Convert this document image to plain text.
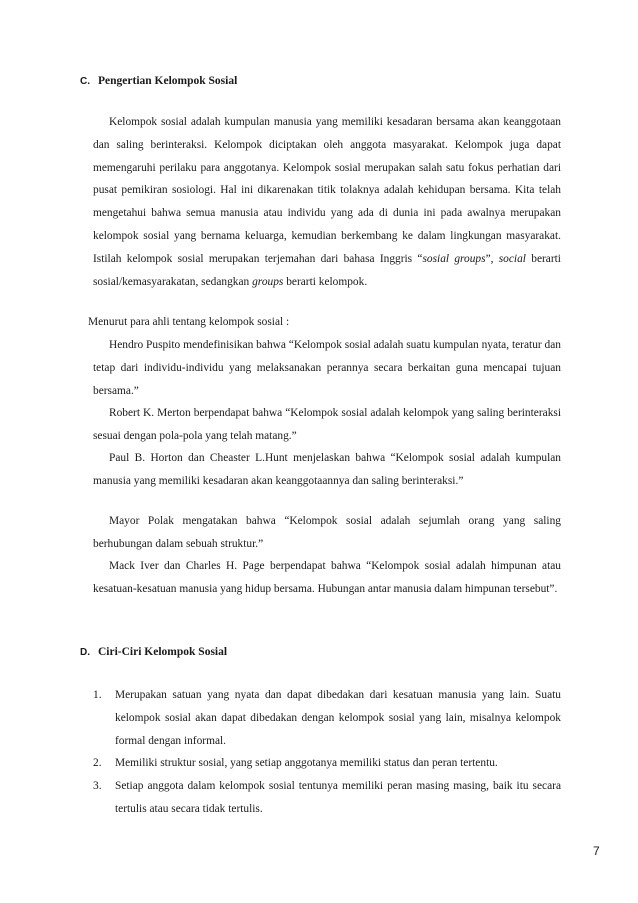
C. Pengertian Kelompok Sosial
Kelompok sosial adalah kumpulan manusia yang memiliki kesadaran bersama akan keanggotaan dan saling berinteraksi. Kelompok diciptakan oleh anggota masyarakat. Kelompok juga dapat memengaruhi perilaku para anggotanya. Kelompok sosial merupakan salah satu fokus perhatian dari pusat pemikiran sosiologi. Hal ini dikarenakan titik tolaknya adalah kehidupan bersama. Kita telah mengetahui bahwa semua manusia atau individu yang ada di dunia ini pada awalnya merupakan kelompok sosial yang bernama keluarga, kemudian berkembang ke dalam lingkungan masyarakat. Istilah kelompok sosial merupakan terjemahan dari bahasa Inggris “sosial groups”, social berarti sosial/kemasyarakatan, sedangkan groups berarti kelompok.
Menurut para ahli tentang kelompok sosial :
Hendro Puspito mendefinisikan bahwa “Kelompok sosial adalah suatu kumpulan nyata, teratur dan tetap dari individu-individu yang melaksanakan perannya secara berkaitan guna mencapai tujuan bersama.”
Robert K. Merton berpendapat bahwa “Kelompok sosial adalah kelompok yang saling berinteraksi sesuai dengan pola-pola yang telah matang.”
Paul B. Horton dan Cheaster L.Hunt menjelaskan bahwa “Kelompok sosial adalah kumpulan manusia yang memiliki kesadaran akan keanggotaannya dan saling berinteraksi.”
Mayor Polak mengatakan bahwa “Kelompok sosial adalah sejumlah orang yang saling berhubungan dalam sebuah struktur.”
Mack Iver dan Charles H. Page berpendapat bahwa “Kelompok sosial adalah himpunan atau kesatuan-kesatuan manusia yang hidup bersama. Hubungan antar manusia dalam himpunan tersebut”.
D. Ciri-Ciri Kelompok Sosial
1. Merupakan satuan yang nyata dan dapat dibedakan dari kesatuan manusia yang lain. Suatu kelompok sosial akan dapat dibedakan dengan kelompok sosial yang lain, misalnya kelompok formal dengan informal.
2. Memiliki struktur sosial, yang setiap anggotanya memiliki status dan peran tertentu.
3. Setiap anggota dalam kelompok sosial tentunya memiliki peran masing masing, baik itu secara tertulis atau secara tidak tertulis.
7
